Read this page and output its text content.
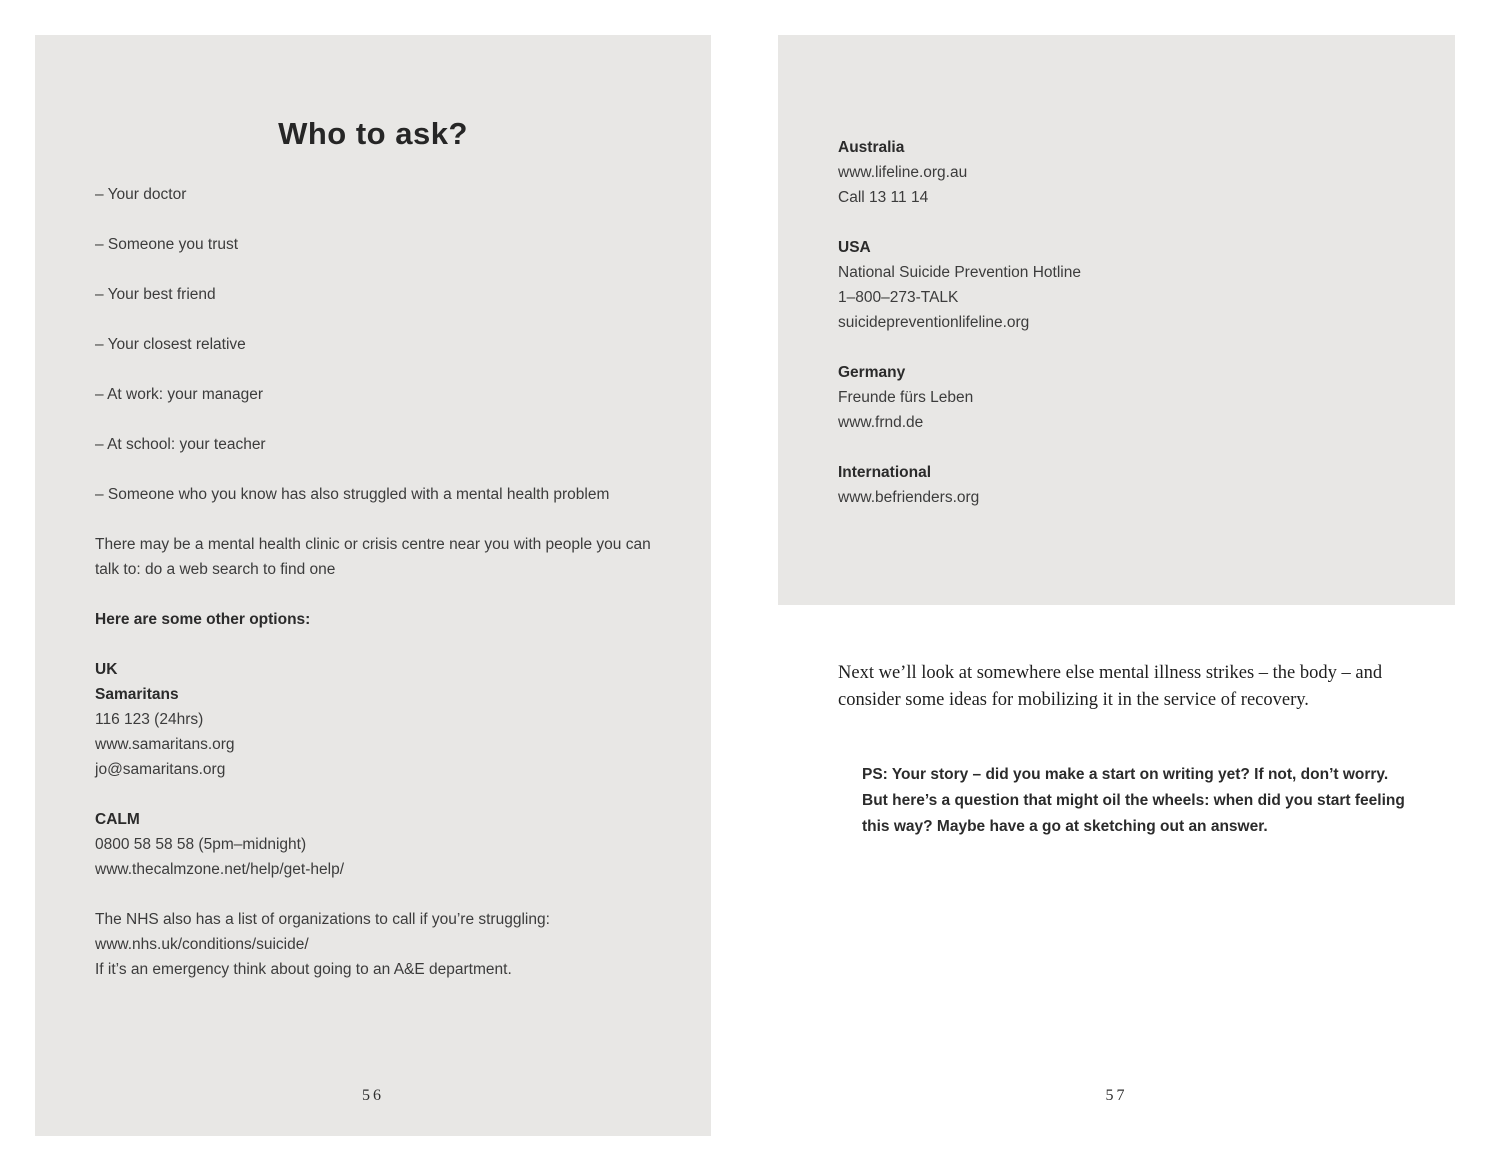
Who to ask?
– Your doctor
– Someone you trust
– Your best friend
– Your closest relative
– At work: your manager
– At school: your teacher
– Someone who you know has also struggled with a mental health problem

There may be a mental health clinic or crisis centre near you with people you can talk to: do a web search to find one

Here are some other options:

UK
Samaritans
116 123 (24hrs)
www.samaritans.org
jo@samaritans.org
CALM
0800 58 58 58 (5pm–midnight)
www.thecalmzone.net/help/get-help/
The NHS also has a list of organizations to call if you’re struggling:
www.nhs.uk/conditions/suicide/
If it’s an emergency think about going to an A&E department.
Australia
www.lifeline.org.au
Call 13 11 14
USA
National Suicide Prevention Hotline
1–800–273-TALK
suicidepreventionlifeline.org
Germany
Freunde fürs Leben
www.frnd.de
International
www.befrienders.org

Next we’ll look at somewhere else mental illness strikes – the body – and consider some ideas for mobilizing it in the service of recovery.

PS: Your story – did you make a start on writing yet? If not, don’t worry. But here’s a question that might oil the wheels: when did you start feeling this way? Maybe have a go at sketching out an answer.

56	57
